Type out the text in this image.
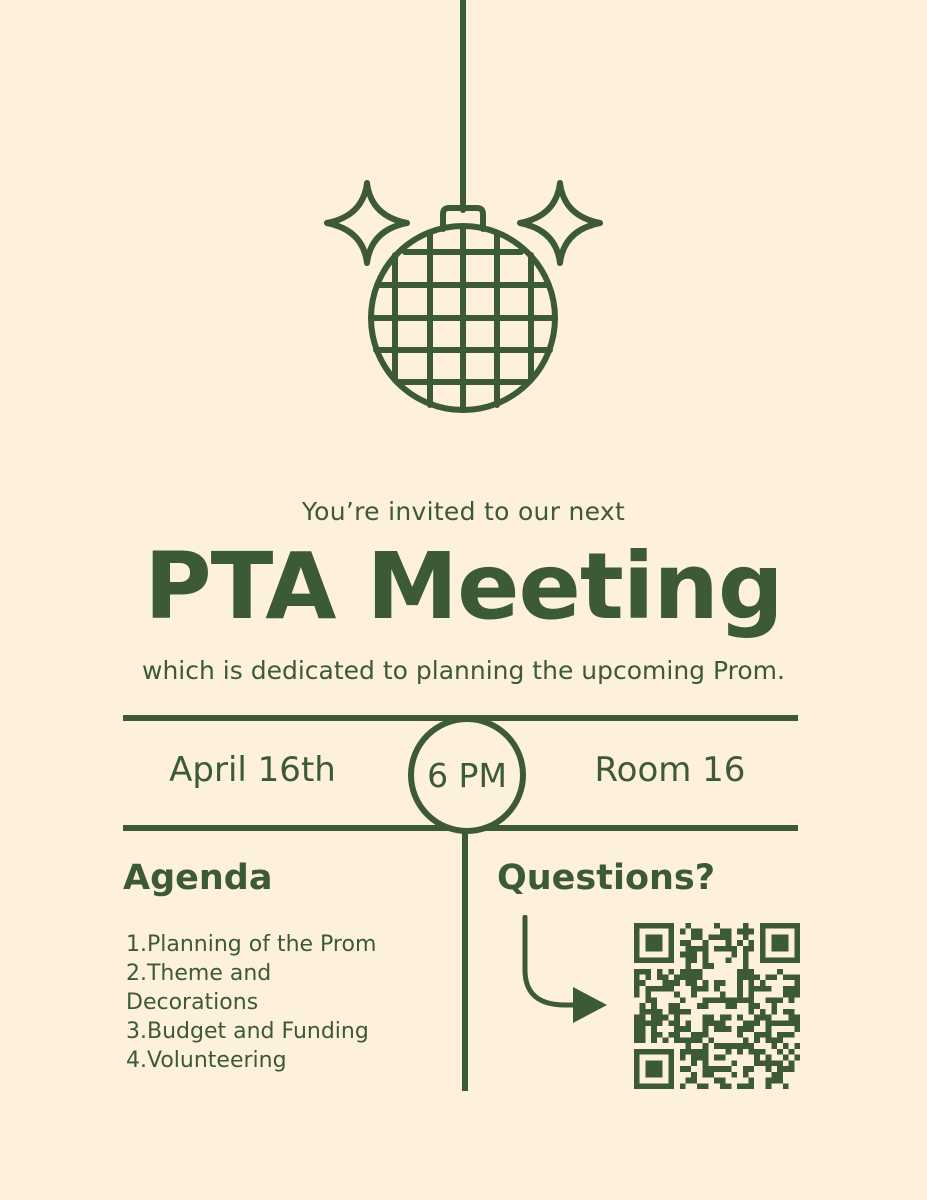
You’re invited to our next
PTA Meeting
which is dedicated to planning the upcoming Prom.
April 16th	6 PM	Room 16
Agenda
1.Planning of the Prom
2.Theme and
Decorations
3.Budget and Funding
4.Volunteering
Questions?
